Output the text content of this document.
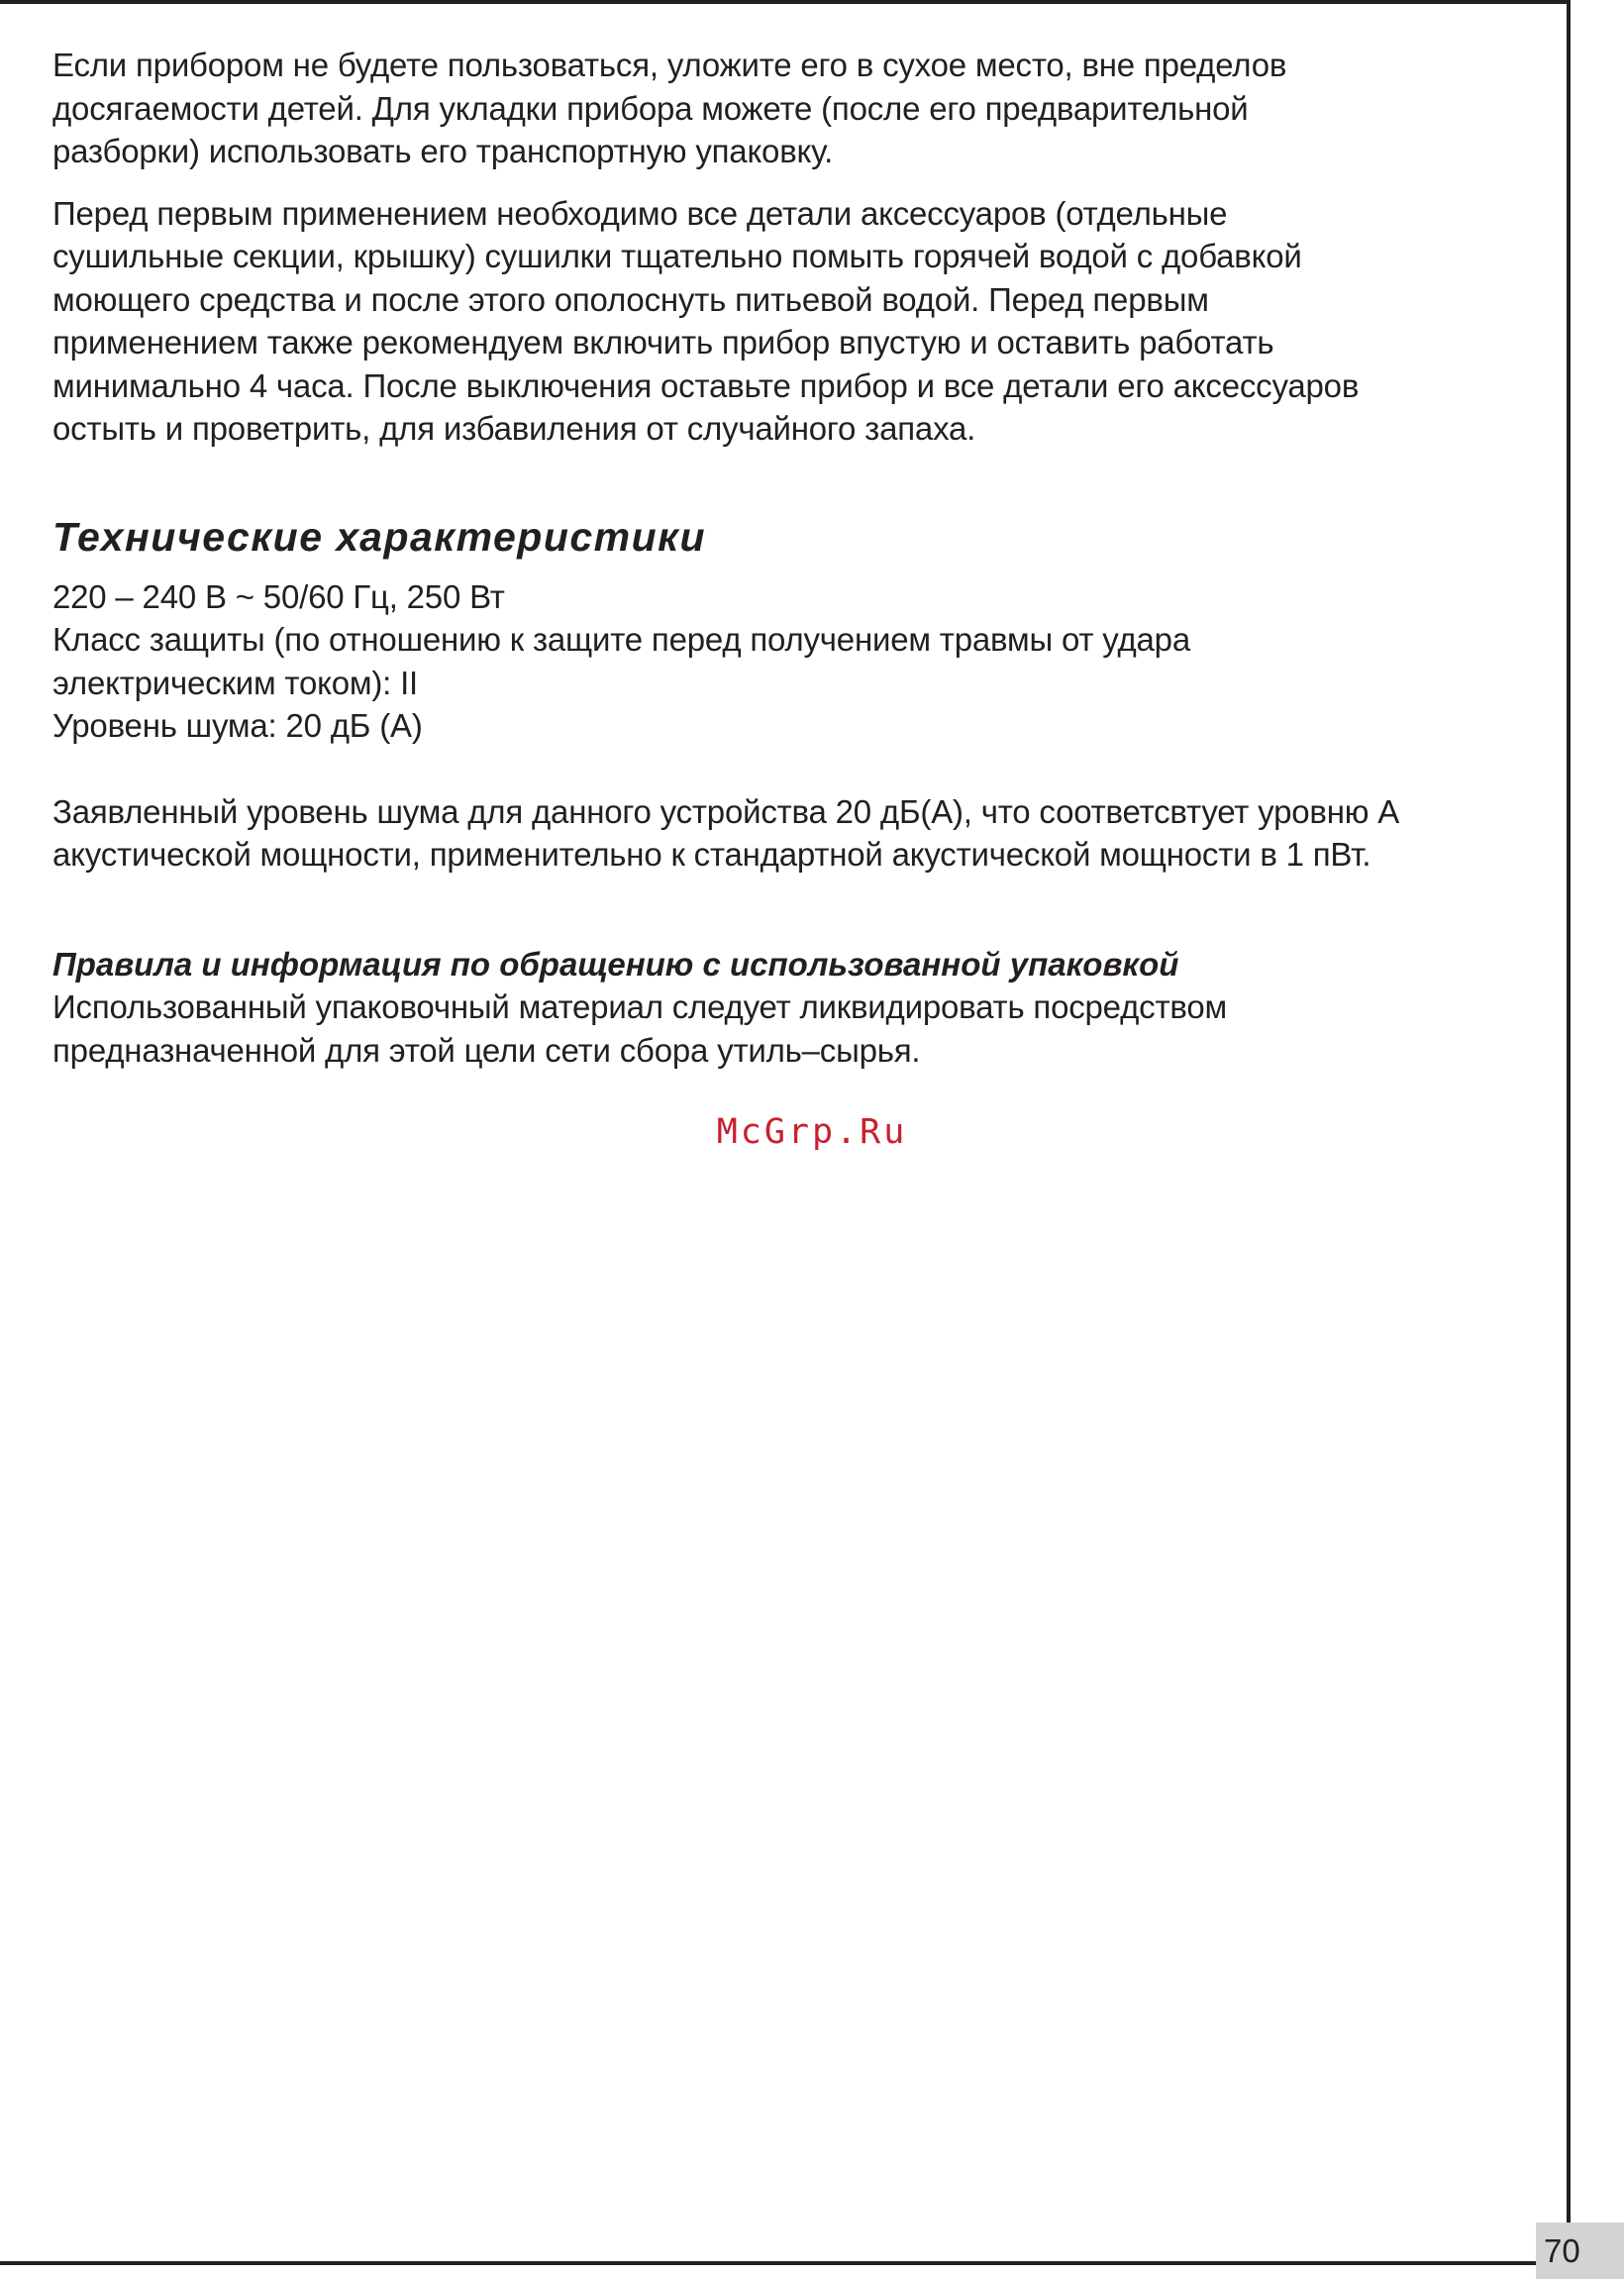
Если прибором не будете пользоваться, уложите его в сухое место, вне пределов
досягаемости детей. Для укладки прибора можете (после его предварительной
разборки) использовать его транспортную упаковку.

Перед первым применением необходимо все детали аксессуаров (отдельные
сушильные секции, крышку) сушилки тщательно помыть горячей водой с добавкой
моющего средства и после этого ополоснуть питьевой водой. Перед первым
применением также рекомендуем включить прибор впустую и оставить работать
минимально 4 часа. После выключения оставьте прибор и все детали его аксессуаров
остыть и проветрить, для избавиления от случайного запаха.

Технические характеристики
220 – 240 В ~ 50/60 Гц, 250 Вт
Класс защиты (по отношению к защите перед получением травмы от удара
электрическим током): II
Уровень шума: 20 дБ (A)

Заявленный уровень шума для данного устройства 20 дБ(A), что соответсвтует уровню A
акустической мощности, применительно к стандартной акустической мощности в 1 пВт.

Правила и информация по обращению с использованной упаковкой

Использованный упаковочный материал следует ликвидировать посредством
предназначенной для этой цели сети сбора утиль–сырья.

McGrp.Ru
70
